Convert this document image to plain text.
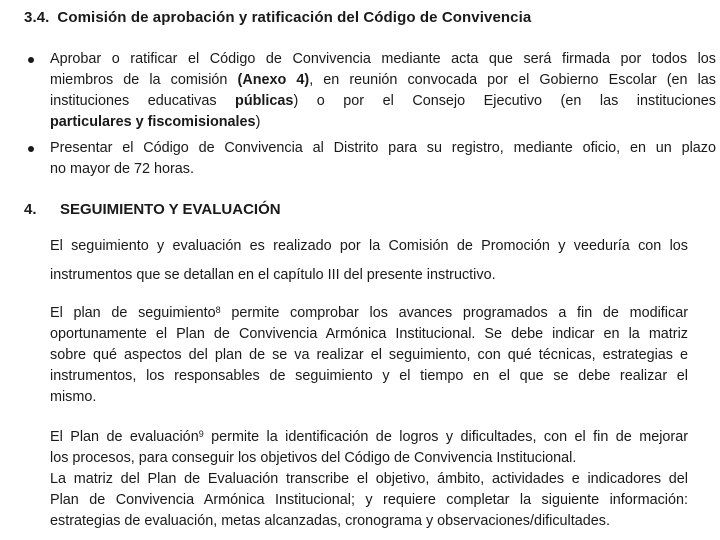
3.4. Comisión de aprobación y ratificación del Código de Convivencia
Aprobar o ratificar el Código de Convivencia mediante acta que será firmada por todos los
miembros de la comisión (Anexo 4), en reunión convocada por el Gobierno Escolar (en las
instituciones educativas públicas) o por el Consejo Ejecutivo (en las instituciones
particulares y fiscomisionales)
Presentar el Código de Convivencia al Distrito para su registro, mediante oficio, en un plazo
no mayor de 72 horas.
4. SEGUIMIENTO Y EVALUACIÓN
El seguimiento y evaluación es realizado por la Comisión de Promoción y veeduría con los
instrumentos que se detallan en el capítulo III del presente instructivo.
El plan de seguimiento$^8$ permite comprobar los avances programados a fin de modificar
oportunamente el Plan de Convivencia Armónica Institucional. Se debe indicar en la matriz
sobre qué aspectos del plan de se va realizar el seguimiento, con qué técnicas, estrategias e
instrumentos, los responsables de seguimiento y el tiempo en el que se debe realizar el
mismo.
El Plan de evaluación$^9$ permite la identificación de logros y dificultades, con el fin de mejorar
los procesos, para conseguir los objetivos del Código de Convivencia Institucional.
La matriz del Plan de Evaluación transcribe el objetivo, ámbito, actividades e indicadores del
Plan de Convivencia Armónica Institucional; y requiere completar la siguiente información:
estrategias de evaluación, metas alcanzadas, cronograma y observaciones/dificultades.
